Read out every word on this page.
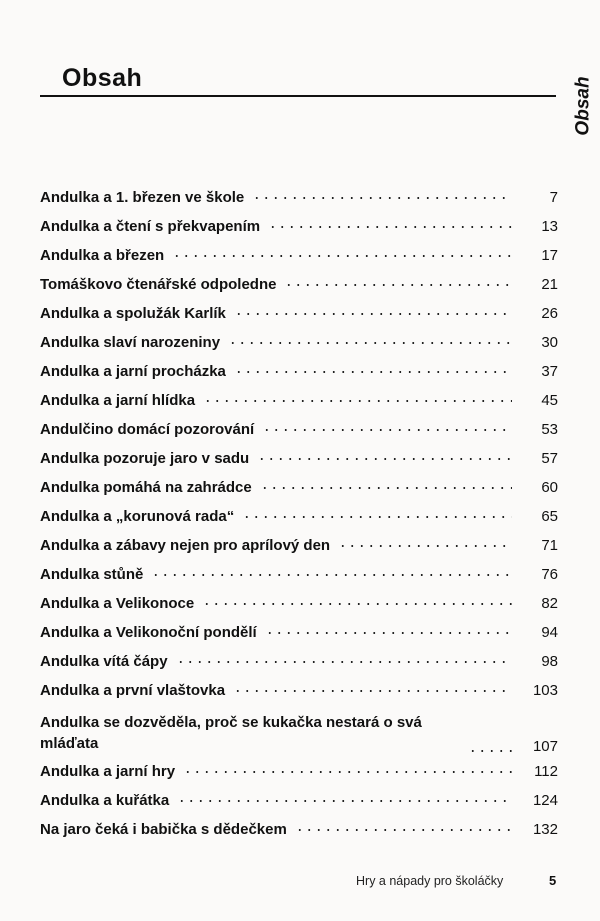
Obsah	Obsah
Andulka a 1. březen ve škole	7
Andulka a čtení s překvapením	13
Andulka a březen	17
Tomáškovo čtenářské odpoledne	21
Andulka a spolužák Karlík	26
Andulka slaví narozeniny	30
Andulka a jarní procházka	37
Andulka a jarní hlídka	45
Andulčino domácí pozorování	53
Andulka pozoruje jaro v sadu	57
Andulka pomáhá na zahrádce	60
Andulka a „korunová rada“	65
Andulka a zábavy nejen pro aprílový den	71
Andulka stůně	76
Andulka a Velikonoce	82
Andulka a Velikonoční pondělí	94
Andulka vítá čápy	98
Andulka a první vlaštovka	103
Andulka se dozvěděla, proč se kukačka nestará o svá mláďata	107
Andulka a jarní hry	112
Andulka a kuřátka	124
Na jaro čeká i babička s dědečkem	132
Hry a nápady pro školáčky	5
